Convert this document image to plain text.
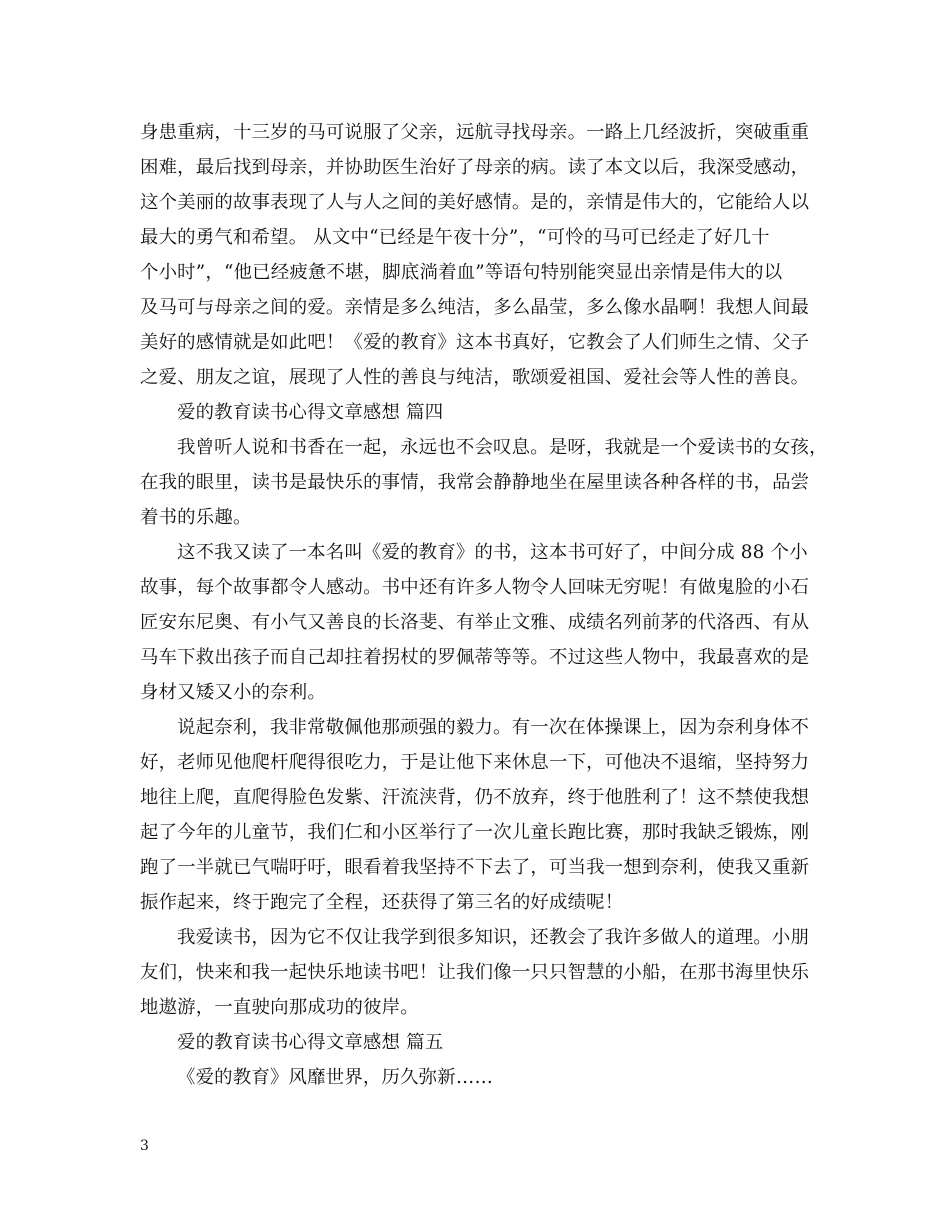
身患重病，十三岁的马可说服了父亲，远航寻找母亲。一路上几经波折，突破重重
困难，最后找到母亲，并协助医生治好了母亲的病。读了本文以后，我深受感动，
这个美丽的故事表现了人与人之间的美好感情。是的，亲情是伟大的，它能给人以
最大的勇气和希望。 从文中“已经是午夜十分”，“可怜的马可已经走了好几十
个小时”，“他已经疲惫不堪，脚底淌着血”等语句特别能突显出亲情是伟大的以
及马可与母亲之间的爱。亲情是多么纯洁，多么晶莹，多么像水晶啊！我想人间最
美好的感情就是如此吧！《爱的教育》这本书真好，它教会了人们师生之情、父子
之爱、朋友之谊，展现了人性的善良与纯洁，歌颂爱祖国、爱社会等人性的善良。
爱的教育读书心得文章感想 篇四
我曾听人说和书香在一起，永远也不会叹息。是呀，我就是一个爱读书的女孩，
在我的眼里，读书是最快乐的事情，我常会静静地坐在屋里读各种各样的书，品尝
着书的乐趣。
这不我又读了一本名叫《爱的教育》的书，这本书可好了，中间分成 88 个小
故事，每个故事都令人感动。书中还有许多人物令人回味无穷呢！有做鬼脸的小石
匠安东尼奥、有小气又善良的长洛斐、有举止文雅、成绩名列前茅的代洛西、有从
马车下救出孩子而自己却拄着拐杖的罗佩蒂等等。不过这些人物中，我最喜欢的是
身材又矮又小的奈利。
说起奈利，我非常敬佩他那顽强的毅力。有一次在体操课上，因为奈利身体不
好，老师见他爬杆爬得很吃力，于是让他下来休息一下，可他决不退缩，坚持努力
地往上爬，直爬得脸色发紫、汗流浃背，仍不放弃，终于他胜利了！这不禁使我想
起了今年的儿童节，我们仁和小区举行了一次儿童长跑比赛，那时我缺乏锻炼，刚
跑了一半就已气喘吁吁，眼看着我坚持不下去了，可当我一想到奈利，使我又重新
振作起来，终于跑完了全程，还获得了第三名的好成绩呢！
我爱读书，因为它不仅让我学到很多知识，还教会了我许多做人的道理。小朋
友们，快来和我一起快乐地读书吧！让我们像一只只智慧的小船，在那书海里快乐
地遨游，一直驶向那成功的彼岸。
爱的教育读书心得文章感想 篇五
《爱的教育》风靡世界，历久弥新……
3
